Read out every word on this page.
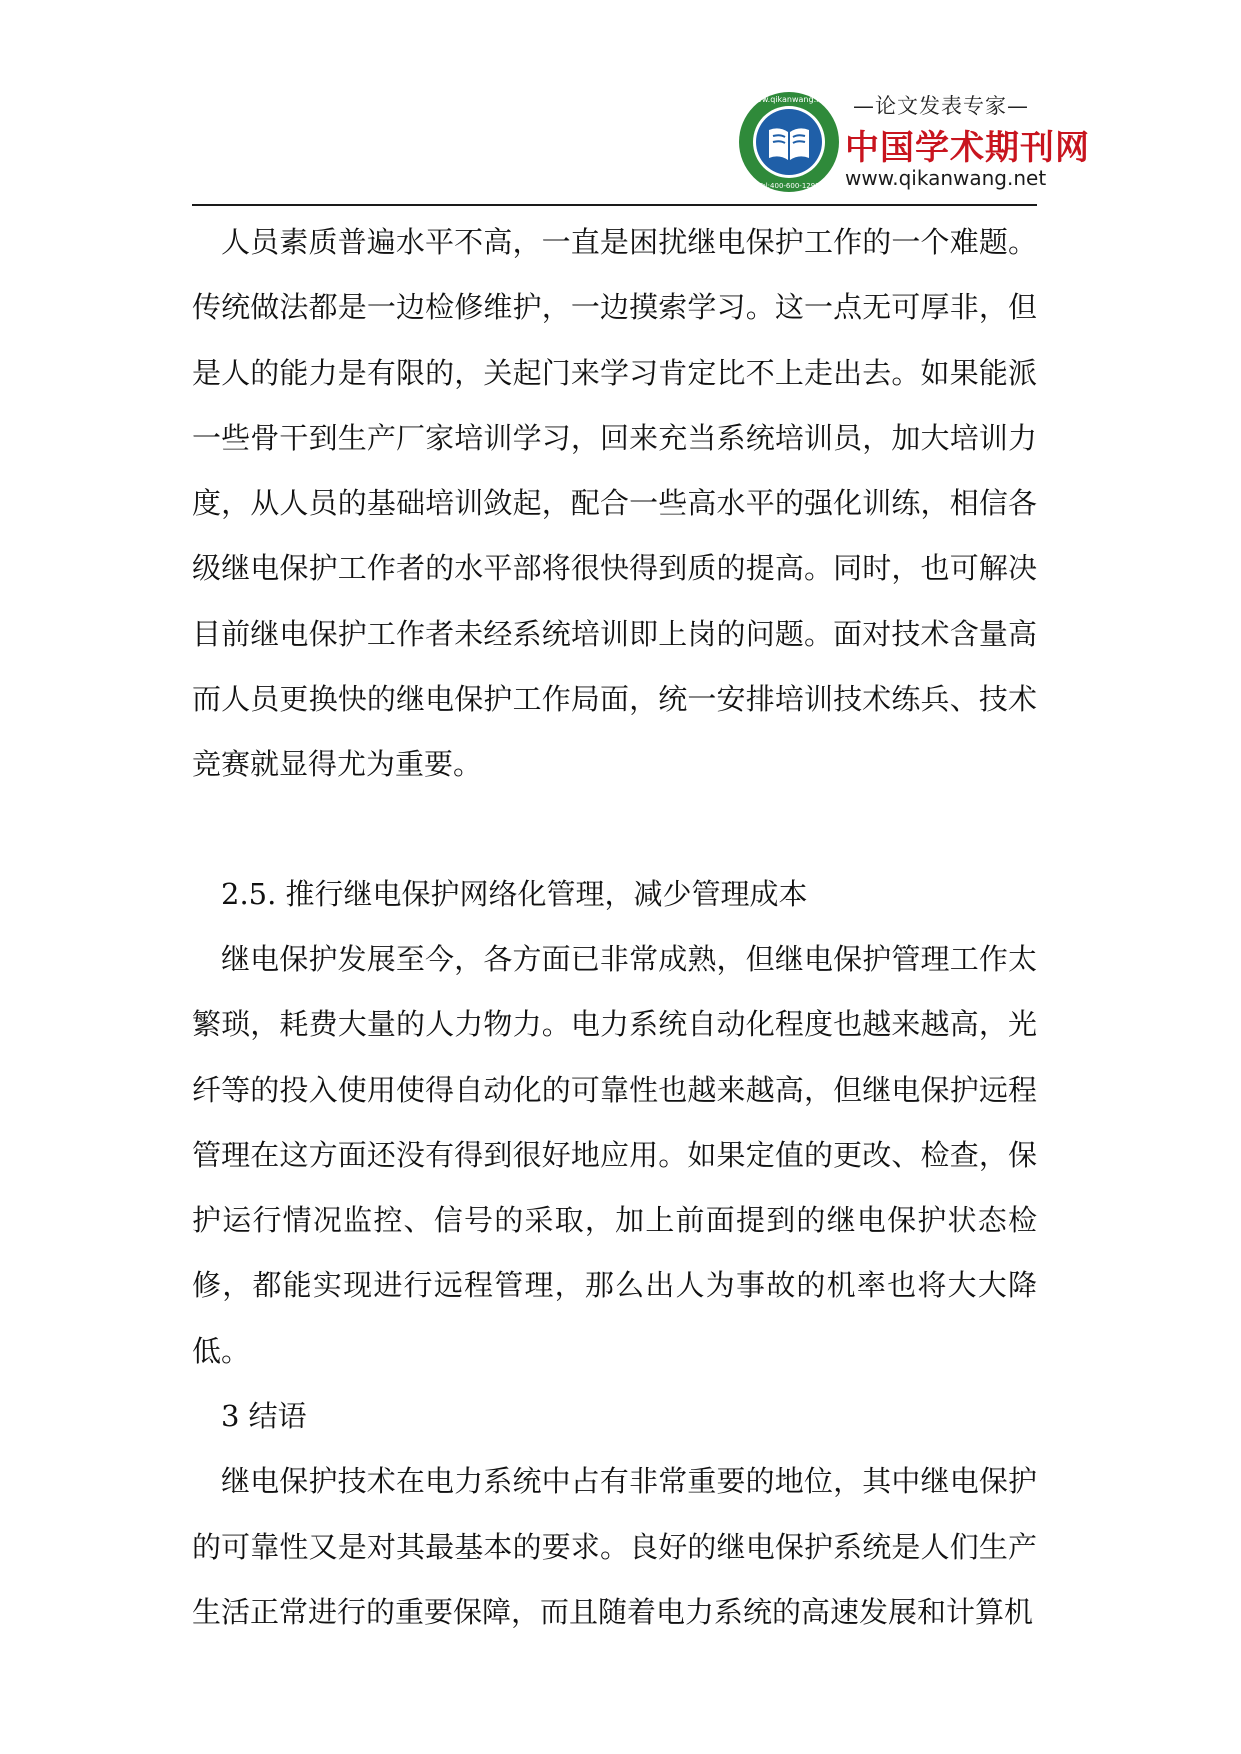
www.qikanwang.net
Tel:400-600-1293
—论文发表专家—
中国学术期刊网
www.qikanwang.net

人员素质普遍水平不高，一直是困扰继电保护工作的一个难题。传统做法都是一边检修维护，一边摸索学习。这一点无可厚非，但是人的能力是有限的，关起门来学习肯定比不上走出去。如果能派一些骨干到生产厂家培训学习，回来充当系统培训员，加大培训力度，从人员的基础培训敛起，配合一些高水平的强化训练，相信各级继电保护工作者的水平部将很快得到质的提高。同时，也可解决目前继电保护工作者未经系统培训即上岗的问题。面对技术含量高而人员更换快的继电保护工作局面，统一安排培训技术练兵、技术竞赛就显得尤为重要。

2.5. 推行继电保护网络化管理，减少管理成本

继电保护发展至今，各方面已非常成熟，但继电保护管理工作太繁琐，耗费大量的人力物力。电力系统自动化程度也越来越高，光纤等的投入使用使得自动化的可靠性也越来越高，但继电保护远程管理在这方面还没有得到很好地应用。如果定值的更改、检查，保护运行情况监控、信号的采取，加上前面提到的继电保护状态检修，都能实现进行远程管理，那么出人为事故的机率也将大大降低。

3 结语

继电保护技术在电力系统中占有非常重要的地位，其中继电保护的可靠性又是对其最基本的要求。良好的继电保护系统是人们生产生活正常进行的重要保障，而且随着电力系统的高速发展和计算机
